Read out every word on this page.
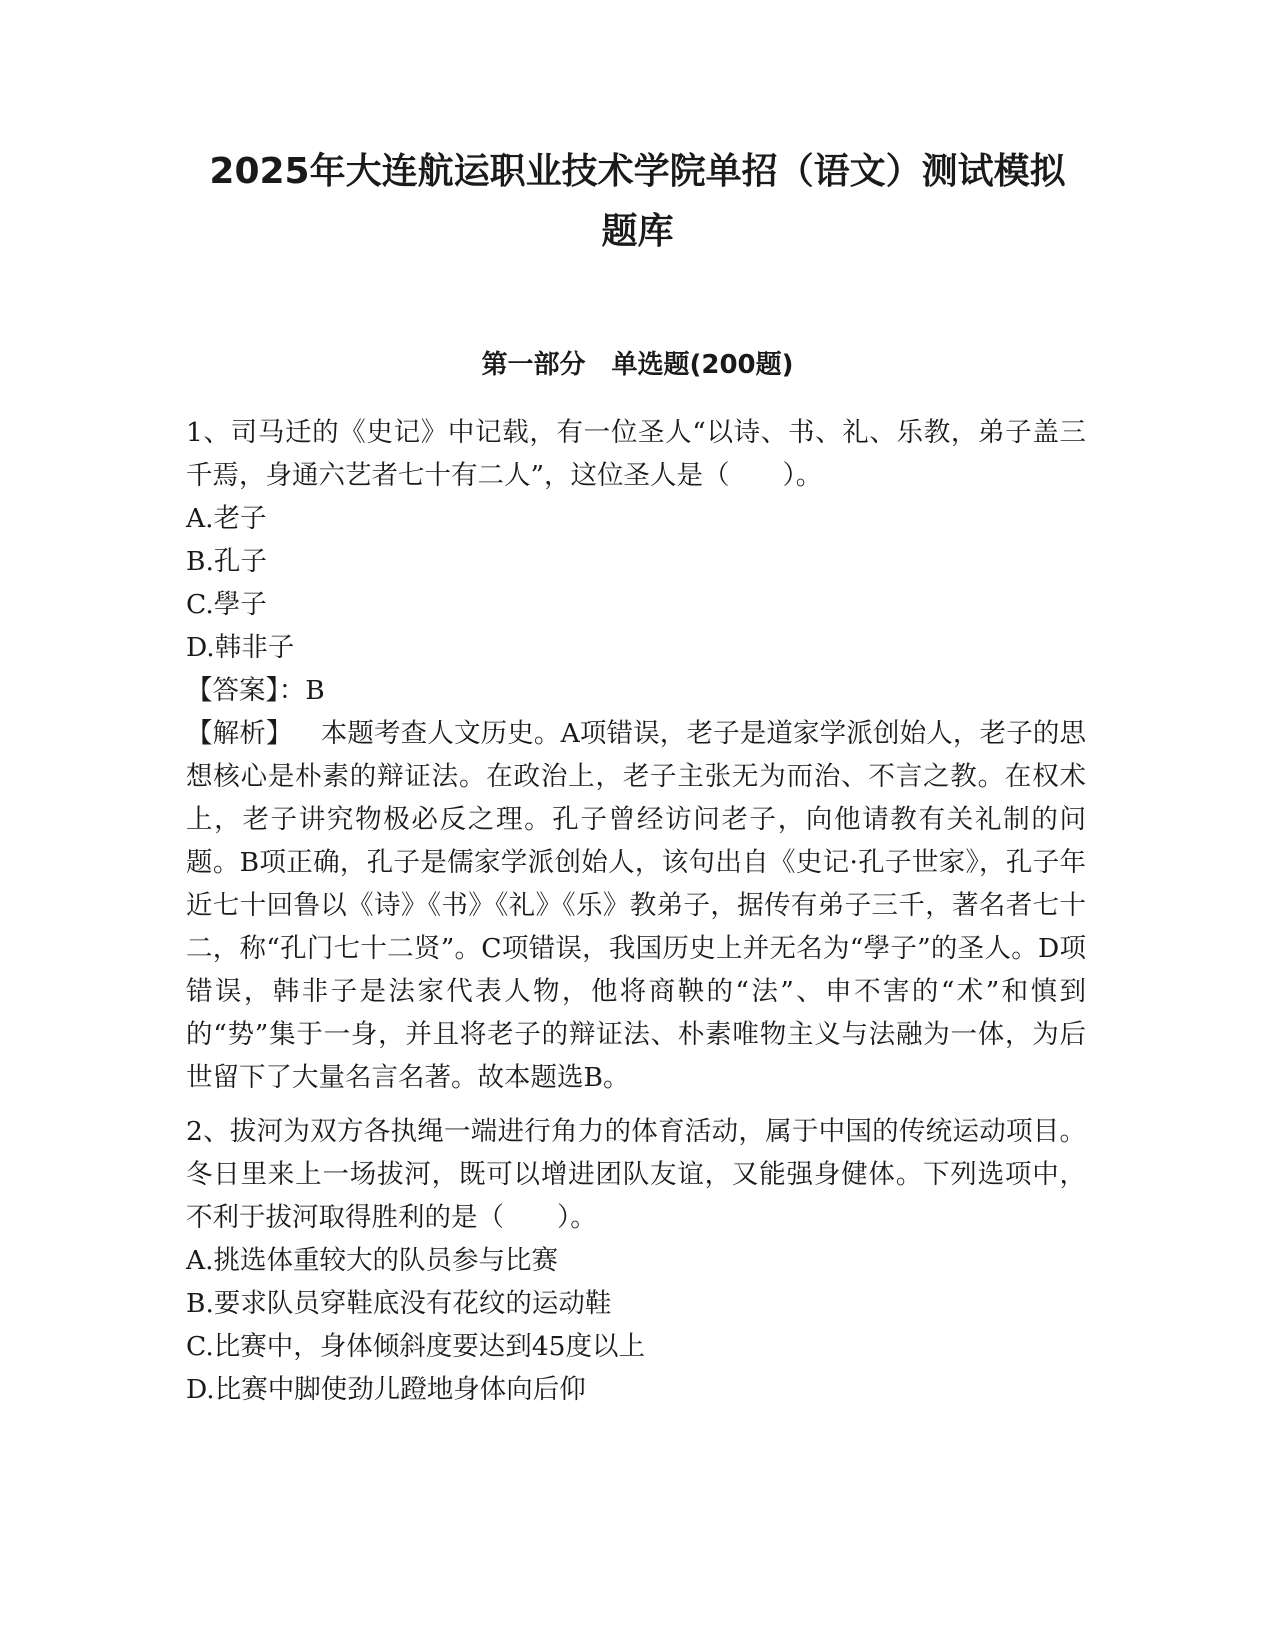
2025年大连航运职业技术学院单招（语文）测试模拟
题库
第一部分　单选题(200题)

1、司马迁的《史记》中记载，有一位圣人“以诗、书、礼、乐教，弟子盖三千焉，身通六艺者七十有二人”，这位圣人是（　　）。

A.老子

B.孔子

C.學子

D.韩非子

【答案】：B

【解析】 本题考查人文历史。A项错误，老子是道家学派创始人，老子的思想核心是朴素的辩证法。在政治上，老子主张无为而治、不言之教。在权术上，老子讲究物极必反之理。孔子曾经访问老子，向他请教有关礼制的问题。B项正确，孔子是儒家学派创始人，该句出自《史记·孔子世家》，孔子年近七十回鲁以《诗》《书》《礼》《乐》教弟子，据传有弟子三千，著名者七十二，称“孔门七十二贤”。C项错误，我国历史上并无名为“學子”的圣人。D项错误，韩非子是法家代表人物，他将商鞅的“法”、申不害的“术”和慎到的“势”集于一身，并且将老子的辩证法、朴素唯物主义与法融为一体，为后世留下了大量名言名著。故本题选B。

2、拔河为双方各执绳一端进行角力的体育活动，属于中国的传统运动项目。冬日里来上一场拔河，既可以增进团队友谊，又能强身健体。下列选项中，不利于拔河取得胜利的是（　　）。

A.挑选体重较大的队员参与比赛

B.要求队员穿鞋底没有花纹的运动鞋

C.比赛中，身体倾斜度要达到45度以上

D.比赛中脚使劲儿蹬地身体向后仰
